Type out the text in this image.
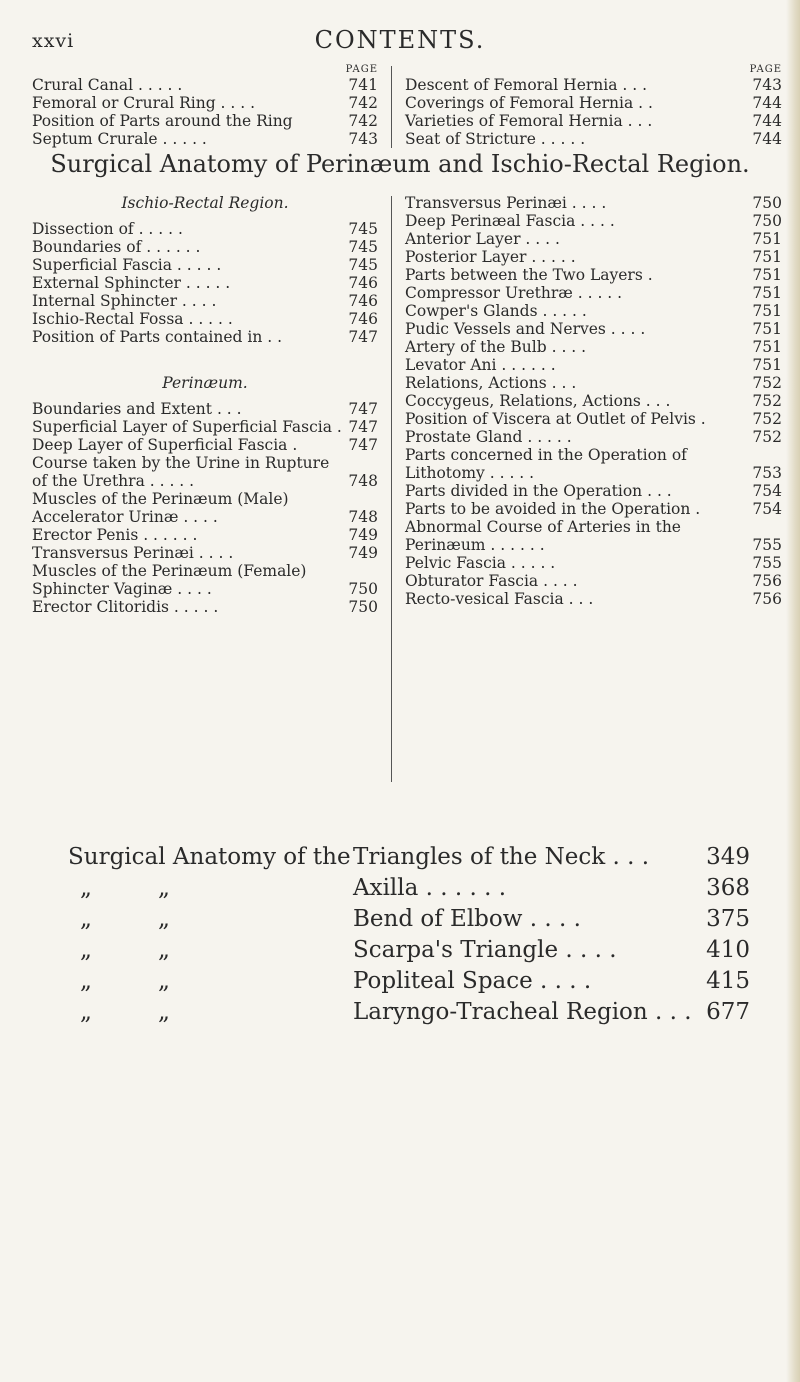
xxvi	CONTENTS.
PAGE
Crural Canal . . . . .	741
Femoral or Crural Ring . . . .	742
Position of Parts around the Ring	742
Septum Crurale . . . . .	743
PAGE
Descent of Femoral Hernia . . .	743
Coverings of Femoral Hernia . .	744
Varieties of Femoral Hernia . . .	744
Seat of Stricture . . . . .	744
Surgical Anatomy of Perinæum and Ischio-Rectal Region.
Ischio-Rectal Region.
Dissection of . . . . .	745
Boundaries of . . . . . .	745
Superficial Fascia . . . . .	745
External Sphincter . . . . .	746
Internal Sphincter . . . .	746
Ischio-Rectal Fossa . . . . .	746
Position of Parts contained in . .	747
Perinæum.
Boundaries and Extent . . .	747
Superficial Layer of Superficial Fascia . 747
Deep Layer of Superficial Fascia .	747
Course taken by the Urine in Rupture
of the Urethra . . . . .	748
Muscles of the Perinæum (Male)
Accelerator Urinæ . . . .	748
Erector Penis . . . . . .	749
Transversus Perinæi . . . .	749
Muscles of the Perinæum (Female)
Sphincter Vaginæ . . . .	750
Erector Clitoridis . . . . .	750
Transversus Perinæi . . . .	750
Deep Perinæal Fascia . . . .	750
Anterior Layer . . . .	751
Posterior Layer . . . . .	751
Parts between the Two Layers .	751
Compressor Urethræ . . . . .	751
Cowper's Glands . . . . .	751
Pudic Vessels and Nerves . . . .	751
Artery of the Bulb . . . .	751
Levator Ani . . . . . .	751
Relations, Actions . . .	752
Coccygeus, Relations, Actions . . .	752
Position of Viscera at Outlet of Pelvis .	752
Prostate Gland . . . . .	752
Parts concerned in the Operation of
Lithotomy . . . . .	753
Parts divided in the Operation . . .	754
Parts to be avoided in the Operation .	754
Abnormal Course of Arteries in the
Perinæum . . . . . .	755
Pelvic Fascia . . . . .	755
Obturator Fascia . . . .	756
Recto-vesical Fascia . . .	756
Surgical Anatomy of the Triangles of the Neck . . . 349
„	„	Axilla . . . . . .	368
„	„	Bend of Elbow . . . .	375
„	„	Scarpa's Triangle . . . .	410
„	„	Popliteal Space . . . .	415
„	„	Laryngo-Tracheal Region . . . 677
